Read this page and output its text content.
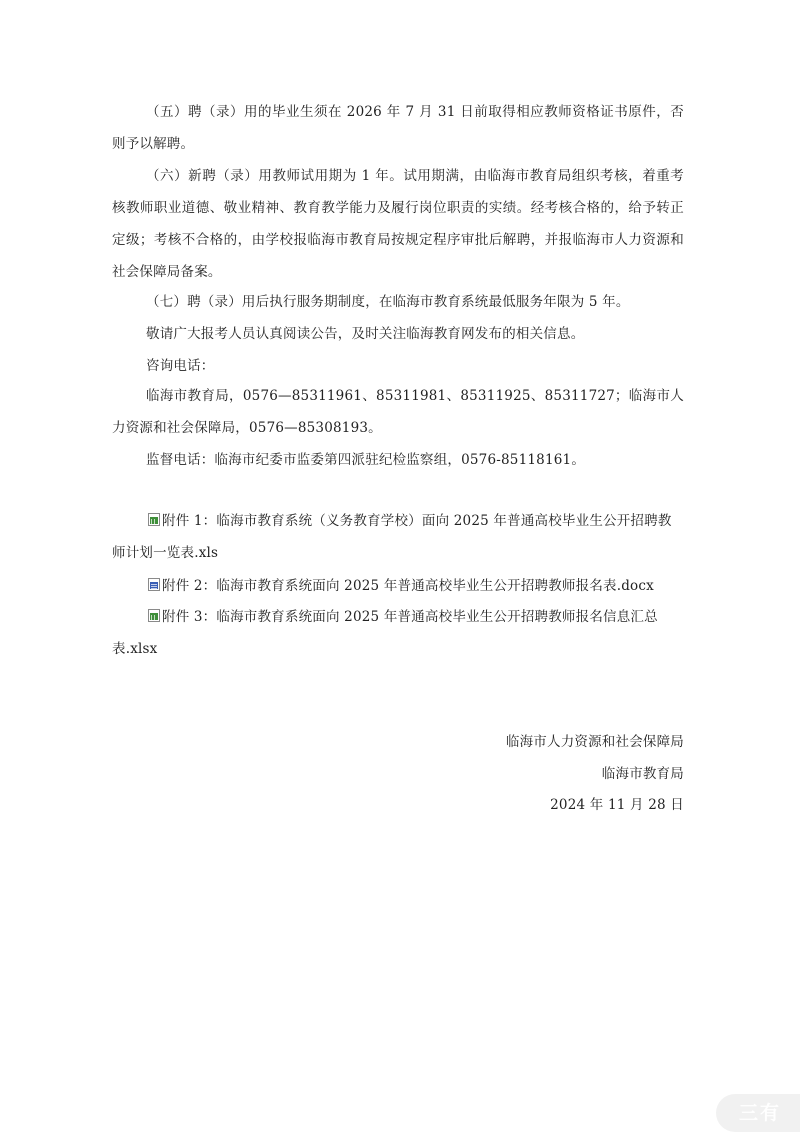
（五）聘（录）用的毕业生须在 2026 年 7 月 31 日前取得相应教师资格证书原件，否则予以解聘。

（六）新聘（录）用教师试用期为 1 年。试用期满，由临海市教育局组织考核，着重考核教师职业道德、敬业精神、教育教学能力及履行岗位职责的实绩。经考核合格的，给予转正定级；考核不合格的，由学校报临海市教育局按规定程序审批后解聘，并报临海市人力资源和社会保障局备案。

（七）聘（录）用后执行服务期制度，在临海市教育系统最低服务年限为 5 年。

敬请广大报考人员认真阅读公告，及时关注临海教育网发布的相关信息。

咨询电话：

临海市教育局，0576—85311961、85311981、85311925、85311727；临海市人力资源和社会保障局，0576—85308193。

监督电话：临海市纪委市监委第四派驻纪检监察组，0576-85118161。

附件 1：临海市教育系统（义务教育学校）面向 2025 年普通高校毕业生公开招聘教师计划一览表.xls

附件 2：临海市教育系统面向 2025 年普通高校毕业生公开招聘教师报名表.docx

附件 3：临海市教育系统面向 2025 年普通高校毕业生公开招聘教师报名信息汇总表.xlsx

临海市人力资源和社会保障局

临海市教育局

2024 年 11 月 28 日

三有
